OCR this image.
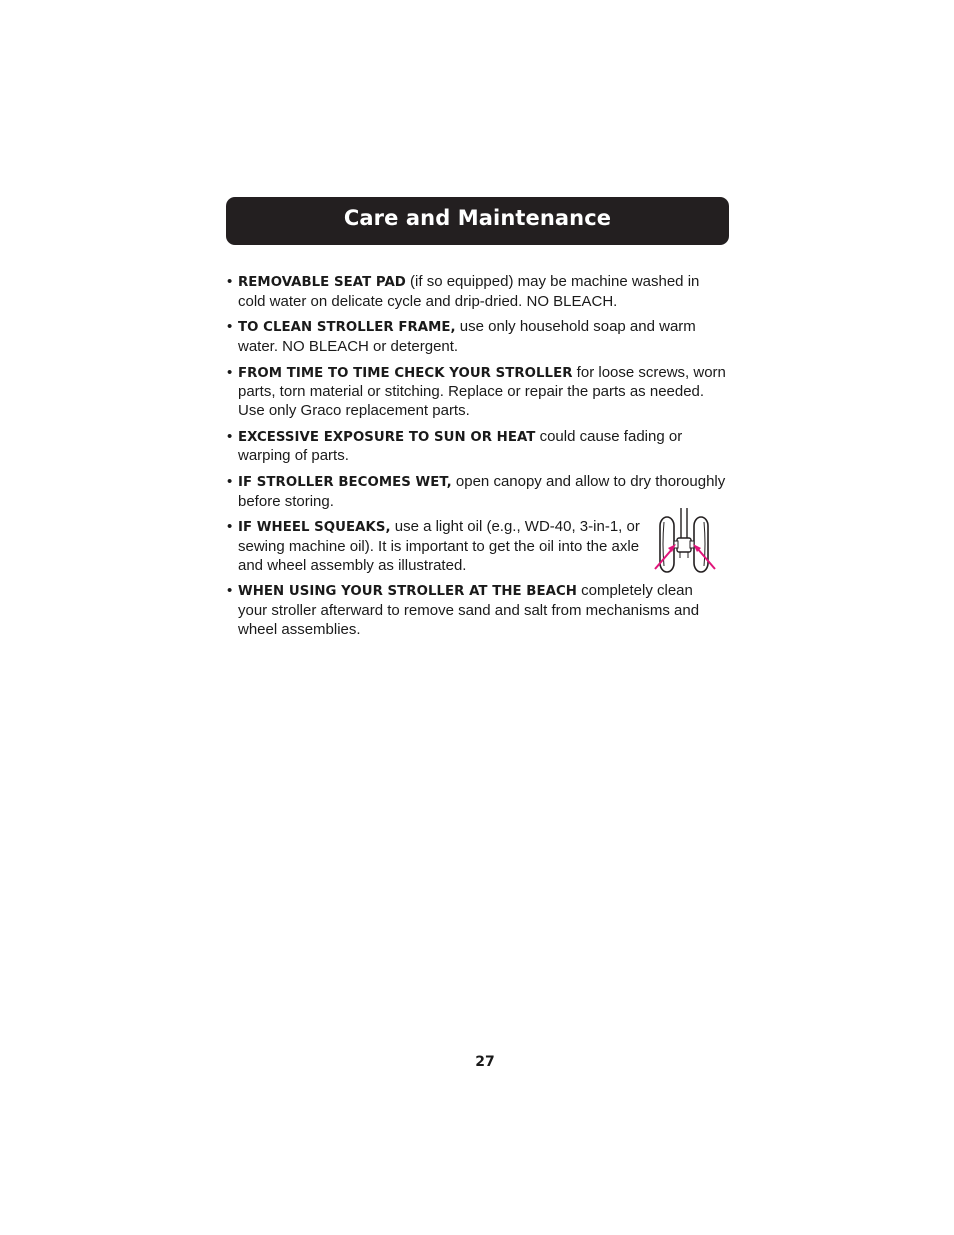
Care and Maintenance
• REMOVABLE SEAT PAD (if so equipped) may be machine washed in cold water on delicate cycle and drip-dried. NO BLEACH.
• TO CLEAN STROLLER FRAME, use only household soap and warm water. NO BLEACH or detergent.
• FROM TIME TO TIME CHECK YOUR STROLLER for loose screws, worn parts, torn material or stitching. Replace or repair the parts as needed. Use only Graco replacement parts.
• EXCESSIVE EXPOSURE TO SUN OR HEAT could cause fading or warping of parts.
• IF STROLLER BECOMES WET, open canopy and allow to dry thoroughly before storing.
• IF WHEEL SQUEAKS, use a light oil (e.g., WD-40, 3-in-1, or sewing machine oil). It is important to get the oil into the axle and wheel assembly as illustrated.
• WHEN USING YOUR STROLLER AT THE BEACH completely clean your stroller afterward to remove sand and salt from mechanisms and wheel assemblies.
27
